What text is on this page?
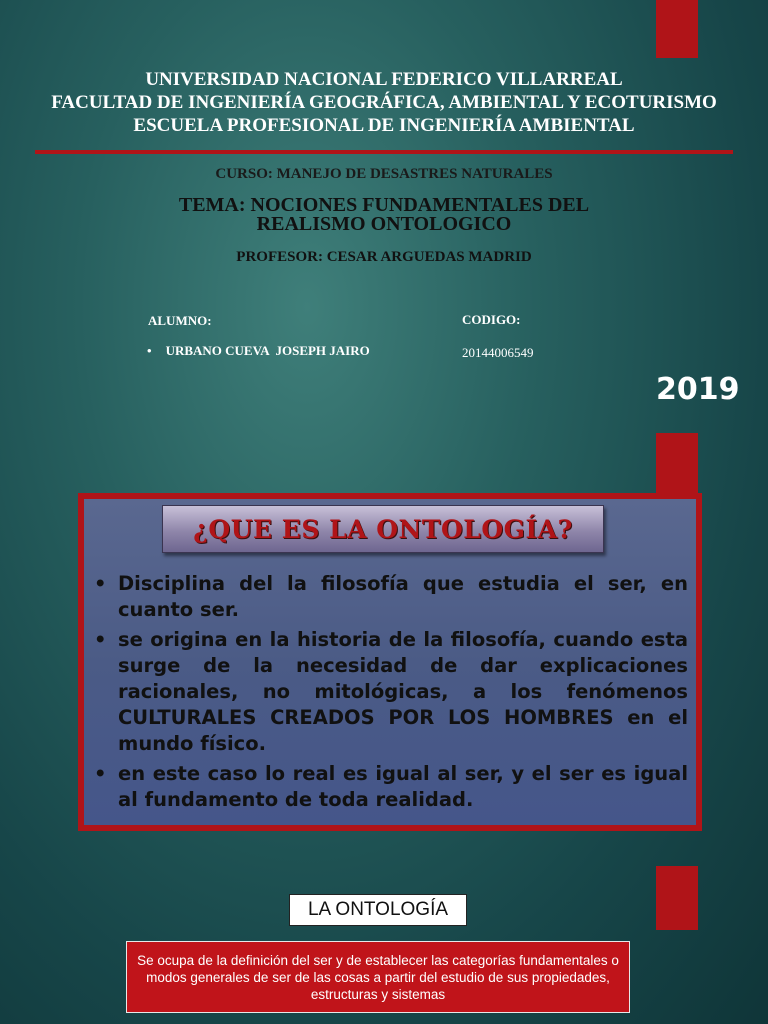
UNIVERSIDAD NACIONAL FEDERICO VILLARREAL
FACULTAD DE INGENIERÍA GEOGRÁFICA, AMBIENTAL Y ECOTURISMO
ESCUELA PROFESIONAL DE INGENIERÍA AMBIENTAL
CURSO: MANEJO DE DESASTRES NATURALES
TEMA: NOCIONES FUNDAMENTALES DEL
REALISMO ONTOLOGICO
PROFESOR: CESAR ARGUEDAS MADRID
ALUMNO:
• URBANO CUEVA  JOSEPH JAIRO
CODIGO:
20144006549
2019
¿QUE ES LA ONTOLOGÍA?
• Disciplina del la filosofía que estudia el ser, en cuanto ser.
• se origina en la historia de la filosofía, cuando esta surge de la necesidad de dar explicaciones racionales, no mitológicas, a los fenómenos CULTURALES CREADOS POR LOS HOMBRES en el mundo físico.
• en este caso lo real es igual al ser, y el ser es igual al fundamento de toda realidad.
LA ONTOLOGÍA
Se ocupa de la definición del ser y de establecer las categorías fundamentales o modos generales de ser de las cosas a partir del estudio de sus propiedades, estructuras y sistemas
